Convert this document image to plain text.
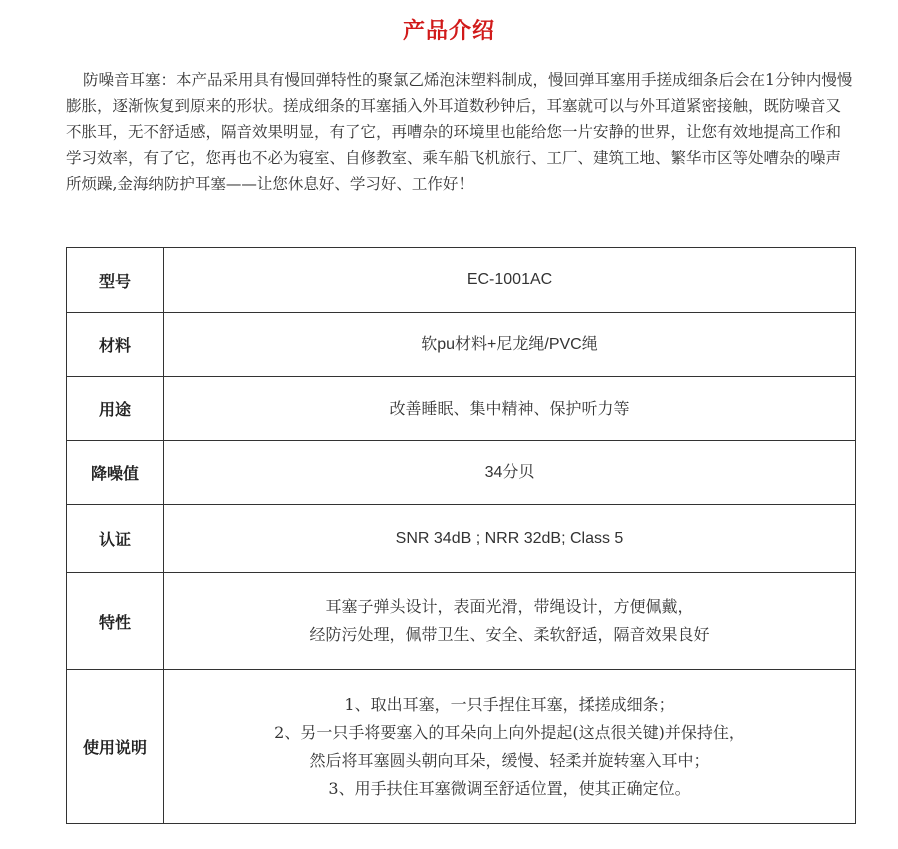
产品介绍
防噪音耳塞：本产品采用具有慢回弹特性的聚氯乙烯泡沫塑料制成，慢回弹耳塞用手搓成细条后会在1分钟内慢慢膨胀，逐渐恢复到原来的形状。搓成细条的耳塞插入外耳道数秒钟后，耳塞就可以与外耳道紧密接触，既防噪音又不胀耳，无不舒适感，隔音效果明显，有了它，再嘈杂的环境里也能给您一片安静的世界，让您有效地提高工作和学习效率，有了它，您再也不必为寝室、自修教室、乘车船飞机旅行、工厂、建筑工地、繁华市区等处嘈杂的噪声所烦躁,金海纳防护耳塞——让您休息好、学习好、工作好！
型号	EC-1001AC

材料	软pu材料+尼龙绳/PVC绳

用途	改善睡眠、集中精神、保护听力等

降噪值	34分贝

认证	SNR 34dB ; NRR 32dB; Class 5

特性	耳塞子弹头设计，表面光滑，带绳设计，方便佩戴，
经防污处理，佩带卫生、安全、柔软舒适，隔音效果良好

使用说明	1、取出耳塞，一只手捏住耳塞，揉搓成细条；
2、另一只手将要塞入的耳朵向上向外提起(这点很关键)并保持住，
然后将耳塞圆头朝向耳朵，缓慢、轻柔并旋转塞入耳中；
3、用手扶住耳塞微调至舒适位置，使其正确定位。
